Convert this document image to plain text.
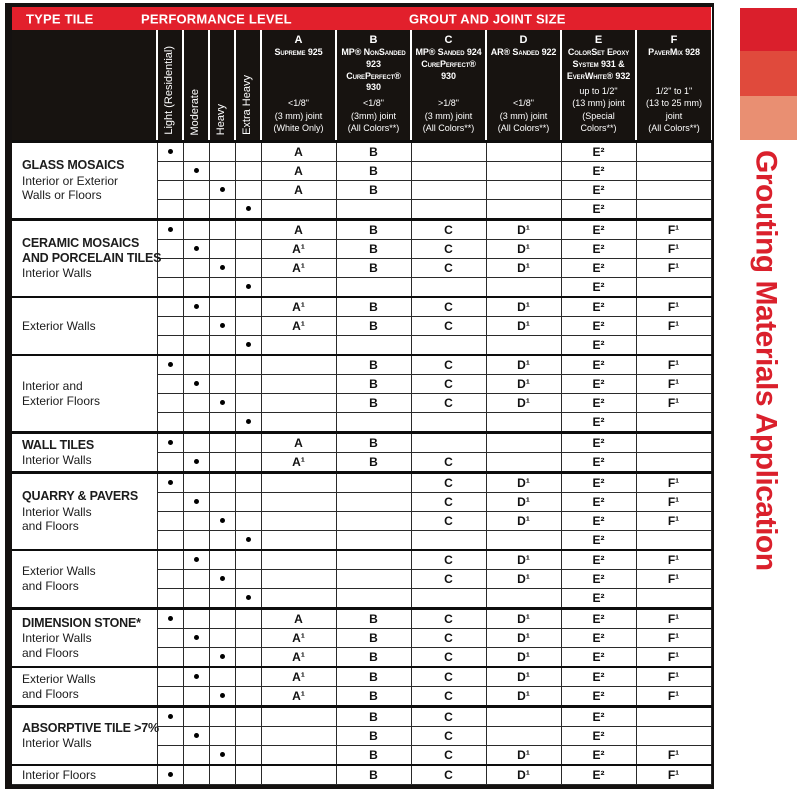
TYPE TILE PERFORMANCE LEVEL GROUT AND JOINT SIZE										

	Light (Residential)	Moderate	Heavy	Extra Heavy	
A
Supreme 925
<1/8"
(3 mm) joint
(White Only)

B
MP® NonSanded 923
CurePerfect® 930
<1/8"
(3mm) joint
(All Colors**)

C
MP® Sanded 924
CurePerfect® 930
>1/8"
(3 mm) joint
(All Colors**)

D
AR® Sanded 922
<1/8"
(3 mm) joint
(All Colors**)

E
ColorSet Epoxy
System 931 &
EverWhite® 932
up to 1/2"
(13 mm) joint
(Special Colors**)

F
PaverMix 928
1/2" to 1"
(13 to 25 mm)
joint
(All Colors**)

GLASS MOSAICS
Interior or Exterior
Walls or Floors					A	B			E²	
					A	B			E²	
					A	B			E²	
									E²	

CERAMIC MOSAICS
AND PORCELAIN TILES
Interior Walls					A	B	C	D¹	E²	F¹
					A¹	B	C	D¹	E²	F¹
					A¹	B	C	D¹	E²	F¹
									E²	

Exterior Walls					A¹	B	C	D¹	E²	F¹
					A¹	B	C	D¹	E²	F¹
									E²	

Interior and
Exterior Floors						B	C	D¹	E²	F¹
						B	C	D¹	E²	F¹
						B	C	D¹	E²	F¹
									E²	

WALL TILES
Interior Walls					A	B			E²	
					A¹	B	C		E²	

QUARRY & PAVERS
Interior Walls
and Floors							C	D¹	E²	F¹
							C	D¹	E²	F¹
							C	D¹	E²	F¹
									E²	

Exterior Walls
and Floors							C	D¹	E²	F¹
							C	D¹	E²	F¹
									E²	

DIMENSION STONE*
Interior Walls
and Floors					A	B	C	D¹	E²	F¹
					A¹	B	C	D¹	E²	F¹
					A¹	B	C	D¹	E²	F¹

Exterior Walls
and Floors					A¹	B	C	D¹	E²	F¹
					A¹	B	C	D¹	E²	F¹

ABSORPTIVE TILE >7%
Interior Walls						B	C		E²	
						B	C		E²	
						B	C	D¹	E²	F¹

Interior Floors						B	C	D¹	E²	F¹
Grouting Materials Application
